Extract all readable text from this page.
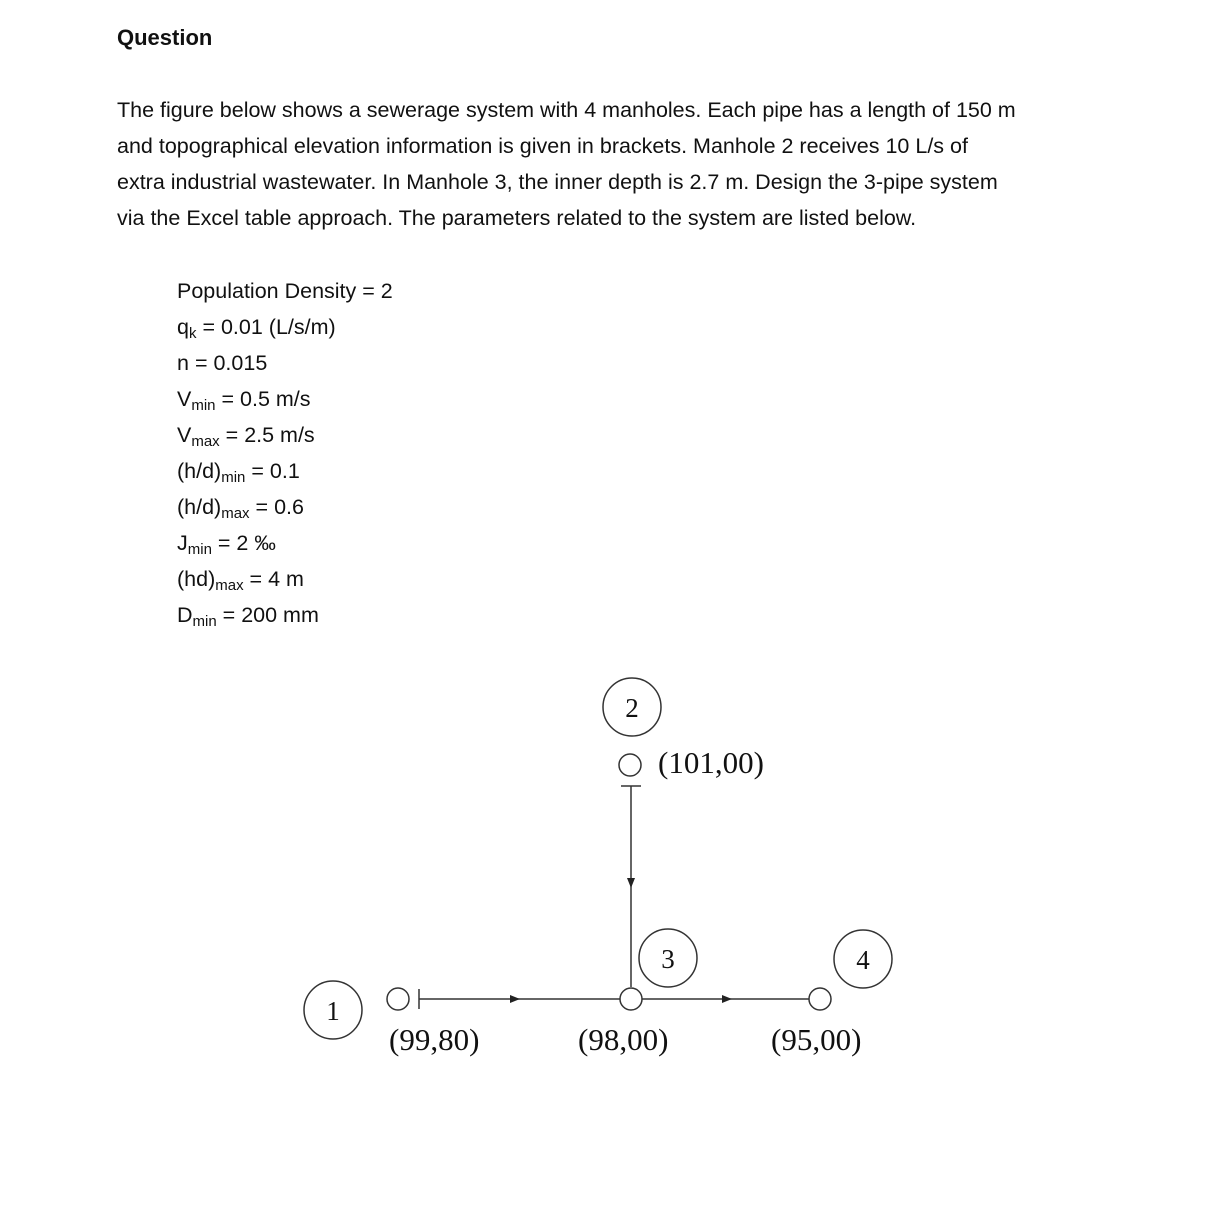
Question
The figure below shows a sewerage system with 4 manholes. Each pipe has a length of 150 m
and topographical elevation information is given in brackets. Manhole 2 receives 10 L/s of
extra industrial wastewater. In Manhole 3, the inner depth is 2.7 m. Design the 3-pipe system
via the Excel table approach. The parameters related to the system are listed below.
Population Density = 2
qk = 0.01 (L/s/m)
n = 0.015
Vmin = 0.5 m/s
Vmax = 2.5 m/s
(h/d)min = 0.1
(h/d)max = 0.6
Jmin = 2 ‰
(hd)max = 4 m
Dmin = 200 mm
1
2
3	4
(101,00)
(99,80)	(98,00)	(95,00)
